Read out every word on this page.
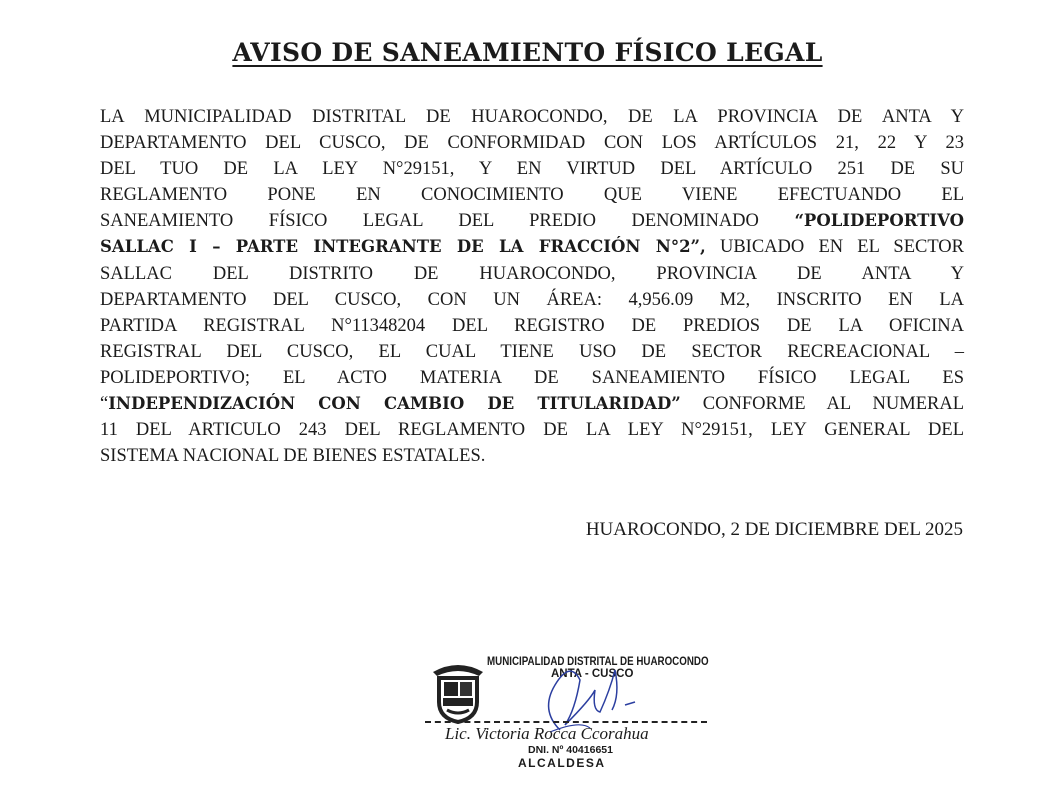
AVISO DE SANEAMIENTO FÍSICO LEGAL
LA MUNICIPALIDAD DISTRITAL DE HUAROCONDO, DE LA PROVINCIA DE ANTA Y
DEPARTAMENTO DEL CUSCO, DE CONFORMIDAD CON LOS ARTÍCULOS 21, 22 Y 23
DEL TUO DE LA LEY N°29151, Y EN VIRTUD DEL ARTÍCULO 251 DE SU
REGLAMENTO PONE EN CONOCIMIENTO QUE VIENE EFECTUANDO EL
SANEAMIENTO FÍSICO LEGAL DEL PREDIO DENOMINADO “POLIDEPORTIVO
SALLAC I – PARTE INTEGRANTE DE LA FRACCIÓN N°2”, UBICADO EN EL SECTOR
SALLAC DEL DISTRITO DE HUAROCONDO, PROVINCIA DE ANTA Y
DEPARTAMENTO DEL CUSCO, CON UN ÁREA: 4,956.09 M2, INSCRITO EN LA
PARTIDA REGISTRAL N°11348204 DEL REGISTRO DE PREDIOS DE LA OFICINA
REGISTRAL DEL CUSCO, EL CUAL TIENE USO DE SECTOR RECREACIONAL –
POLIDEPORTIVO; EL ACTO MATERIA DE SANEAMIENTO FÍSICO LEGAL ES
“INDEPENDIZACIÓN CON CAMBIO DE TITULARIDAD” CONFORME AL NUMERAL
11 DEL ARTICULO 243 DEL REGLAMENTO DE LA LEY N°29151, LEY GENERAL DEL
SISTEMA NACIONAL DE BIENES ESTATALES.
HUAROCONDO, 2 DE DICIEMBRE DEL 2025
MUNICIPALIDAD DISTRITAL DE HUAROCONDO
ANTA - CUSCO
Lic. Victoria Rocca Ccorahua
DNI. Nº 40416651
ALCALDESA
